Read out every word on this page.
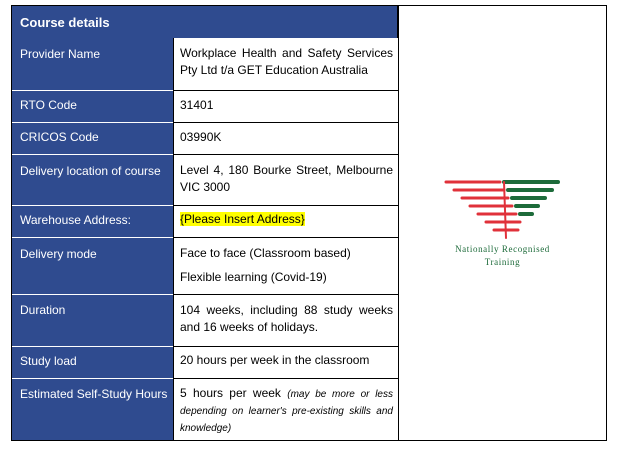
Course details
Provider Name	Workplace Health and Safety Services Pty Ltd t/a GET Education Australia
RTO Code	31401
CRICOS Code	03990K
Delivery location of course	Level 4, 180 Bourke Street, Melbourne VIC 3000
Warehouse Address:	{Please Insert Address}
Delivery mode	Face to face (Classroom based)
Flexible learning (Covid-19)
Duration	104 weeks, including 88 study weeks and 16 weeks of holidays.
Study load	20 hours per week in the classroom
Estimated Self-Study Hours	5 hours per week (may be more or less depending on learner's pre-existing skills and knowledge)
Nationally Recognised
Training
